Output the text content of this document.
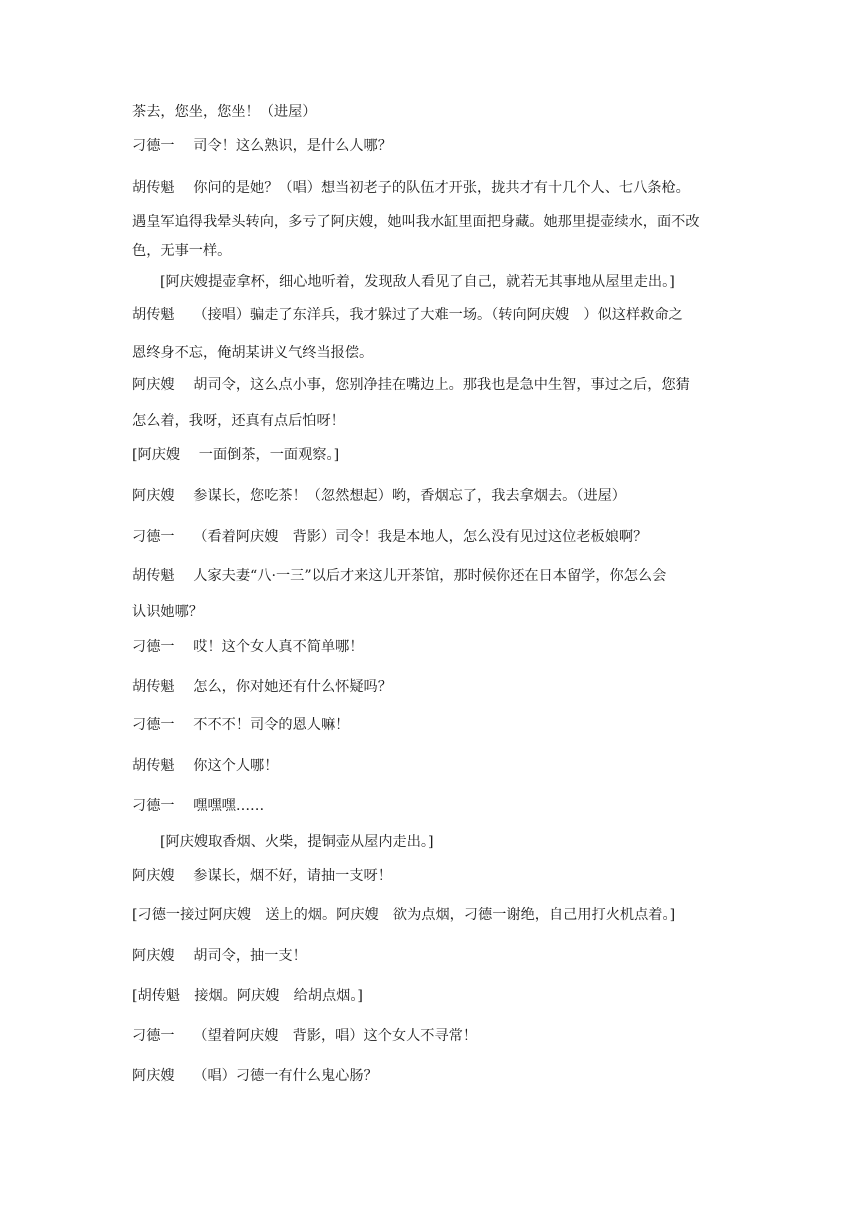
茶去，您坐，您坐！（进屋）
刁德一　 司令！这么熟识，是什么人哪？
胡传魁　 你问的是她？（唱）想当初老子的队伍才开张，拢共才有十几个人、七八条枪。
遇皇军追得我晕头转向，多亏了阿庆嫂，她叫我水缸里面把身藏。她那里提壶续水，面不改
色，无事一样。
[阿庆嫂提壶拿杯，细心地听着，发现敌人看见了自己，就若无其事地从屋里走出。]
胡传魁　 （接唱）骗走了东洋兵，我才躲过了大难一场。（转向阿庆嫂　）似这样救命之
恩终身不忘，俺胡某讲义气终当报偿。
阿庆嫂　 胡司令，这么点小事，您别净挂在嘴边上。那我也是急中生智，事过之后，您猜
怎么着，我呀，还真有点后怕呀！
[阿庆嫂　 一面倒茶，一面观察。]
阿庆嫂　 参谋长，您吃茶！（忽然想起）哟，香烟忘了，我去拿烟去。（进屋）
刁德一　 （看着阿庆嫂　背影）司令！我是本地人，怎么没有见过这位老板娘啊？
胡传魁　 人家夫妻“八·一三”以后才来这儿开茶馆，那时候你还在日本留学，你怎么会
认识她哪？
刁德一　 哎！这个女人真不简单哪！
胡传魁　 怎么，你对她还有什么怀疑吗？
刁德一　 不不不！司令的恩人嘛！
胡传魁　 你这个人哪！
刁德一　 嘿嘿嘿……
[阿庆嫂取香烟、火柴，提铜壶从屋内走出。]
阿庆嫂　 参谋长，烟不好，请抽一支呀！
[刁德一接过阿庆嫂　送上的烟。阿庆嫂　欲为点烟，刁德一谢绝，自己用打火机点着。]
阿庆嫂　 胡司令，抽一支！
[胡传魁　接烟。阿庆嫂　给胡点烟。]
刁德一　 （望着阿庆嫂　背影，唱）这个女人不寻常！
阿庆嫂　 （唱）刁德一有什么鬼心肠？
